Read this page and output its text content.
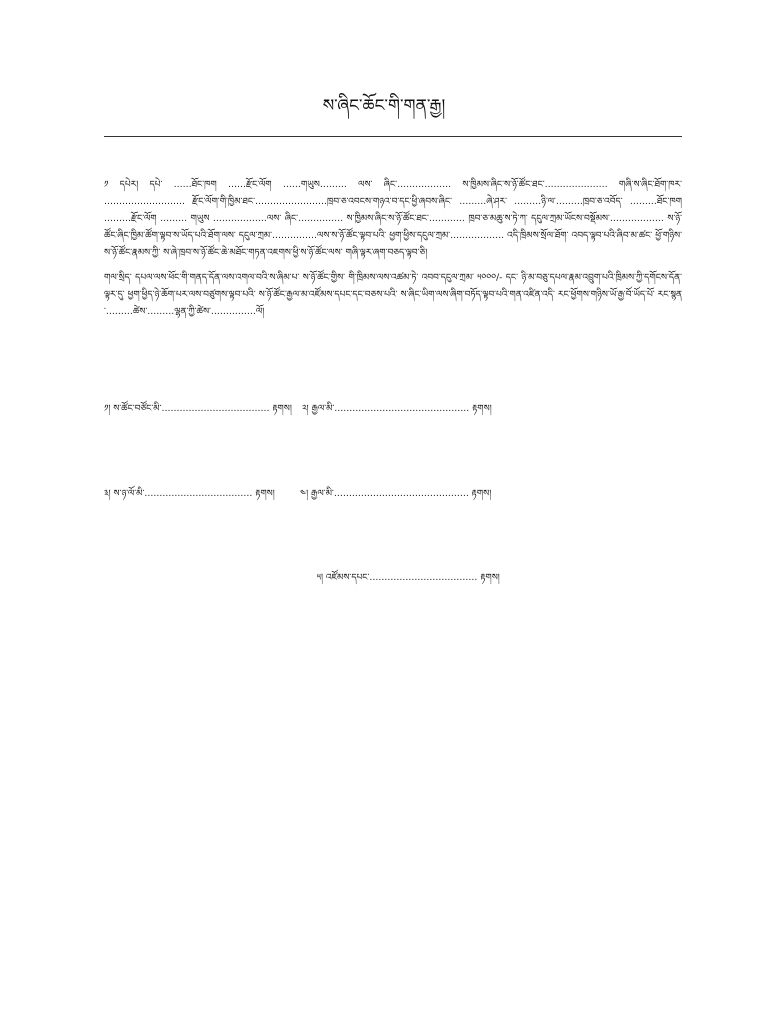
ས་ཞིང་ཆོང་གི་གན་རྒྱ།

༡ དཔེར། དཔེ་ ……ཐོང་ཁག ……རྫོང་ལོག ……གཡུས……… ལས་ ཞིང་……………… ས་ཁྱིམས་ཞིང་ས་ཉོ་ཚོང་ཐང་………………… གཞི་ས་ཞིང་ཐོག་ཁར་ ……………………… རྫོང་ལོག་གི་ཁྱིམ་ཐང་……………………ཁྲབ་ཅ་འབངས་གཉའ་བ་དང་ཕྱི་ཞབས་ཞིང་ ………ཞེ་ཤར་ ………ཉི་ལ་………ཁྲབ་ཅ་འབོད་ ………ཐོང་ཁག ………རྫོང་ལོག ……… གཡུས ………………ལས་ ཞིང་…………… ས་ཁྱིམས་ཞིང་ས་ཉོ་ཚོང་ཐང་………… ཁྲབ་ཅ་མཆུ་ས་ཏེ་ཀ་ དངུལ་ཀྲམ་ཡོངས་བསྡོམས་……………… ས་ཉོ་ཚོང་ཞིང་ཁྱིམ་ཚོག་ལྟབ་ས་ཡོད་པའི་ཐོག་ལས་ དངུལ་ཀྲམ་……………ལས་ས་ཉོ་ཚོང་ལྟབ་པའི་ ཕྱག་ཕྱིས་དངུལ་ཀྲམ་……………… འདི་ཁྲིམས་སྲོལ་ཐོག་ འབད་ལྟབ་པའི་ཞིབ་མ་ཚང་ ཕྱོ་གཉིས་ས་ཉོ་ཚོང་རྣམས་ཀྱི་ ས་ཞེ་ཁྲབ་ས་ཉོ་ཚོང་ཆེ་མཐོང་གཏན་འཇགས་ཕྱི་ས་ཉོ་ཚོང་ལས་ གཞི་ལྟར་ཞག་བཅད་ལྟབ་ཅི།

གལ་སྲིད་ དཔལ་ལས་ཕོང་གི་གནད་དོན་ལས་འགལ་བའི་ས་ཞིམ་པ་ ས་ཉོ་ཚོང་གྱིས་ གི་ཁྲིམས་ལས་འཚམ་ཏེ་ འབབ་དངུལ་ཀྲམ་ ༥༠༠༠/- དང་ ཉི་མ་བཅུ་དཔལ་རྣམ་འབྲུག་པའི་ཁྲིམས་ཀྱི་དགོངས་དོན་ལྟར་དུ་ ཕྱག་ཕྱིད་ཉེ་ཆོག་པར་ལས་བཙུགས་ལྟབ་པའི་ ས་ཉོ་ཚོང་རྒྱལ་མ་འཛོམས་དཔང་དང་བཅས་པའི་ ས་ཞིང་ཡིག་ལས་ཞིག་བཏོད་ལྟབ་པའི་གན་འཛིན་འདི་ རང་ཕྱོགས་གཉིས་ཡོ་རྒྱ་བོ་ཡོད་པོ་ རང་སྙན་………ཚེས་………ལྷན་ཀྱི་ཚེས་……………ལོ།

༡། ས་ཚོང་བཙོང་མི་……………………………… རྟགས། ༢། རྒྱལ་མི་……………………………………… རྟགས།
༣། ས་ཉ་ལོ་མི་……………………………… རྟགས།	༤། རྒྱལ་མི་……………………………………… རྟགས།
༥། འཛོམས་དཔང་……………………………… རྟགས།
